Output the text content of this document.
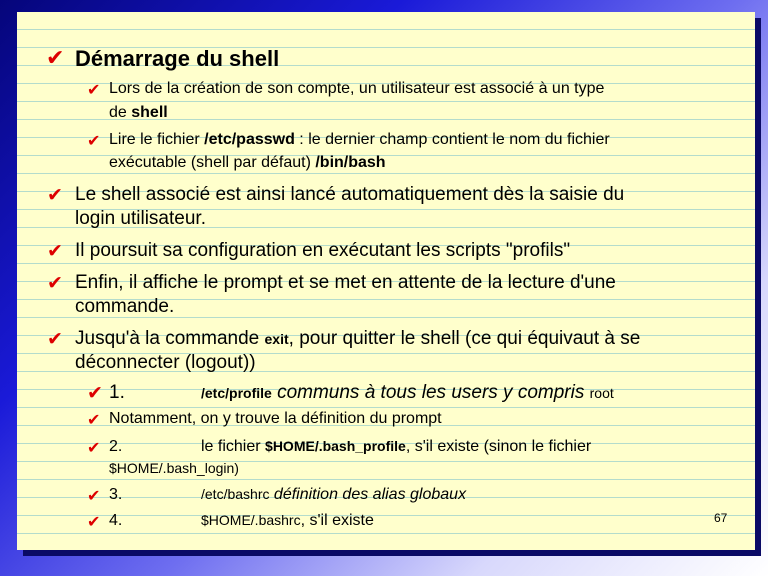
✔ Démarrage du shell
✔ Lors de la création de son compte, un utilisateur est associé à un type
de shell
✔ Lire le fichier /etc/passwd : le dernier champ contient le nom du fichier
exécutable (shell par défaut) /bin/bash
✔ Le shell associé est ainsi lancé automatiquement dès la saisie du
login utilisateur.
✔ Il poursuit sa configuration en exécutant les scripts "profils"
✔ Enfin, il affiche le prompt et se met en attente de la lecture d'une
commande.
✔ Jusqu'à la commande exit, pour quitter le shell (ce qui équivaut à se
déconnecter (logout))
✔ 1.	/etc/profile communs à tous les users y compris root
✔ Notamment, on y trouve la définition du prompt
✔ 2.	le fichier $HOME/.bash_profile, s'il existe (sinon le fichier
$HOME/.bash_login)
✔ 3.	/etc/bashrc définition des alias globaux
✔ 4.	$HOME/.bashrc, s'il existe	67
